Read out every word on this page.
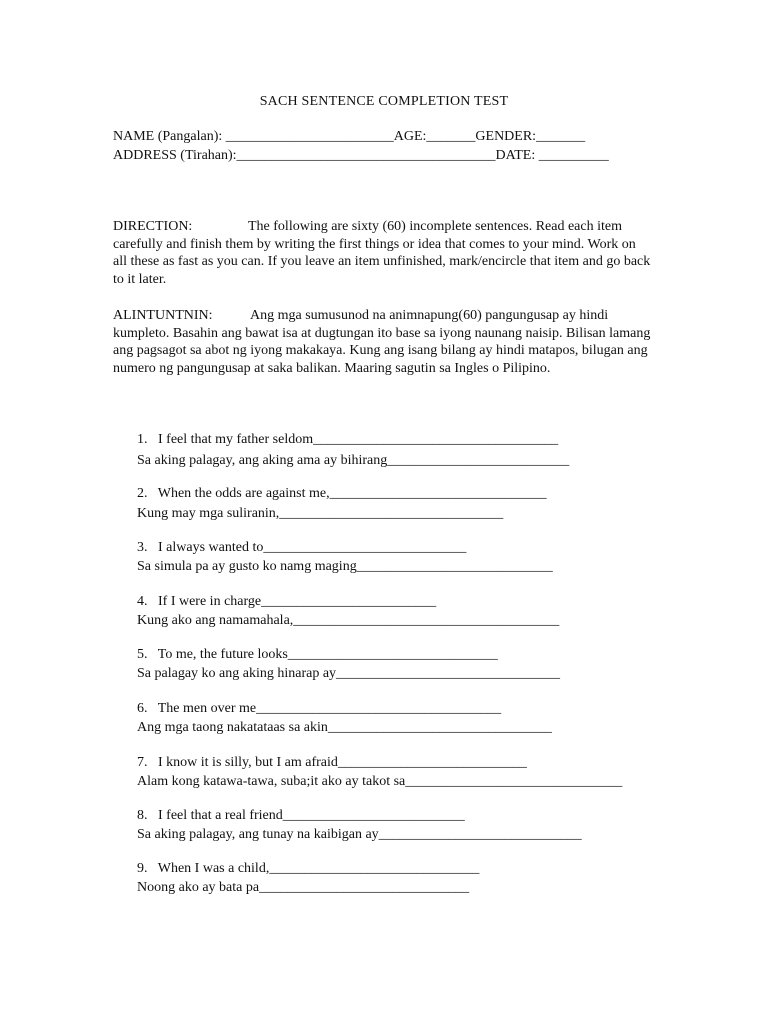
SACH SENTENCE COMPLETION TEST
NAME (Pangalan): ________________________AGE:_______GENDER:_______
ADDRESS (Tirahan):_____________________________________DATE: __________
DIRECTION:	The following are sixty (60) incomplete sentences. Read each item carefully and finish them by writing the first things or idea that comes to your mind. Work on all these as fast as you can. If you leave an item unfinished, mark/encircle that item and go back to it later.
ALINTUNTNIN:	Ang mga sumusunod na animnapung(60) pangungusap ay hindi kumpleto. Basahin ang bawat isa at dugtungan ito base sa iyong naunang naisip. Bilisan lamang ang pagsagot sa abot ng iyong makakaya. Kung ang isang bilang ay hindi matapos, bilugan ang numero ng pangungusap at saka balikan. Maaring sagutin sa Ingles o Pilipino.
1. I feel that my father seldom___________________________________
Sa aking palagay, ang aking ama ay bihirang__________________________
2. When the odds are against me,_______________________________
Kung may mga suliranin,________________________________
3. I always wanted to_____________________________
Sa simula pa ay gusto ko namg maging____________________________
4. If I were in charge_________________________
Kung ako ang namamahala,______________________________________
5. To me, the future looks______________________________
Sa palagay ko ang aking hinarap ay________________________________
6. The men over me___________________________________
Ang mga taong nakatataas sa akin________________________________
7. I know it is silly, but I am afraid___________________________
Alam kong katawa-tawa, suba;it ako ay takot sa_______________________________
8. I feel that a real friend__________________________
Sa aking palagay, ang tunay na kaibigan ay_____________________________
9. When I was a child,______________________________
Noong ako ay bata pa______________________________
